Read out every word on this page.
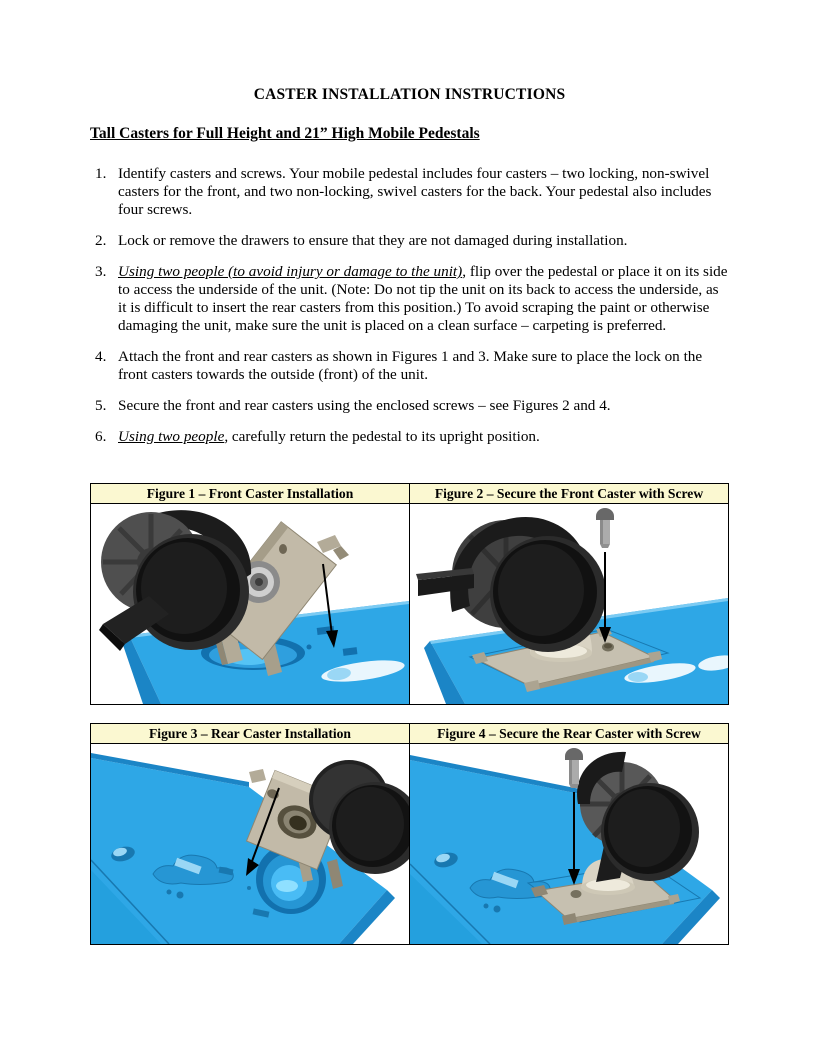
CASTER INSTALLATION INSTRUCTIONS
Tall Casters for Full Height and 21” High Mobile Pedestals
1. Identify casters and screws. Your mobile pedestal includes four casters – two locking, non-swivel casters for the front, and two non-locking, swivel casters for the back. Your pedestal also includes four screws.
2. Lock or remove the drawers to ensure that they are not damaged during installation.
3. Using two people (to avoid injury or damage to the unit), flip over the pedestal or place it on its side to access the underside of the unit. (Note: Do not tip the unit on its back to access the underside, as it is difficult to insert the rear casters from this position.) To avoid scraping the paint or otherwise damaging the unit, make sure the unit is placed on a clean surface – carpeting is preferred.
4. Attach the front and rear casters as shown in Figures 1 and 3. Make sure to place the lock on the front casters towards the outside (front) of the unit.
5. Secure the front and rear casters using the enclosed screws – see Figures 2 and 4.
6. Using two people, carefully return the pedestal to its upright position.
Figure 1 – Front Caster Installation	Figure 2 – Secure the Front Caster with Screw

Figure 3 – Rear Caster Installation	Figure 4 – Secure the Rear Caster with Screw
